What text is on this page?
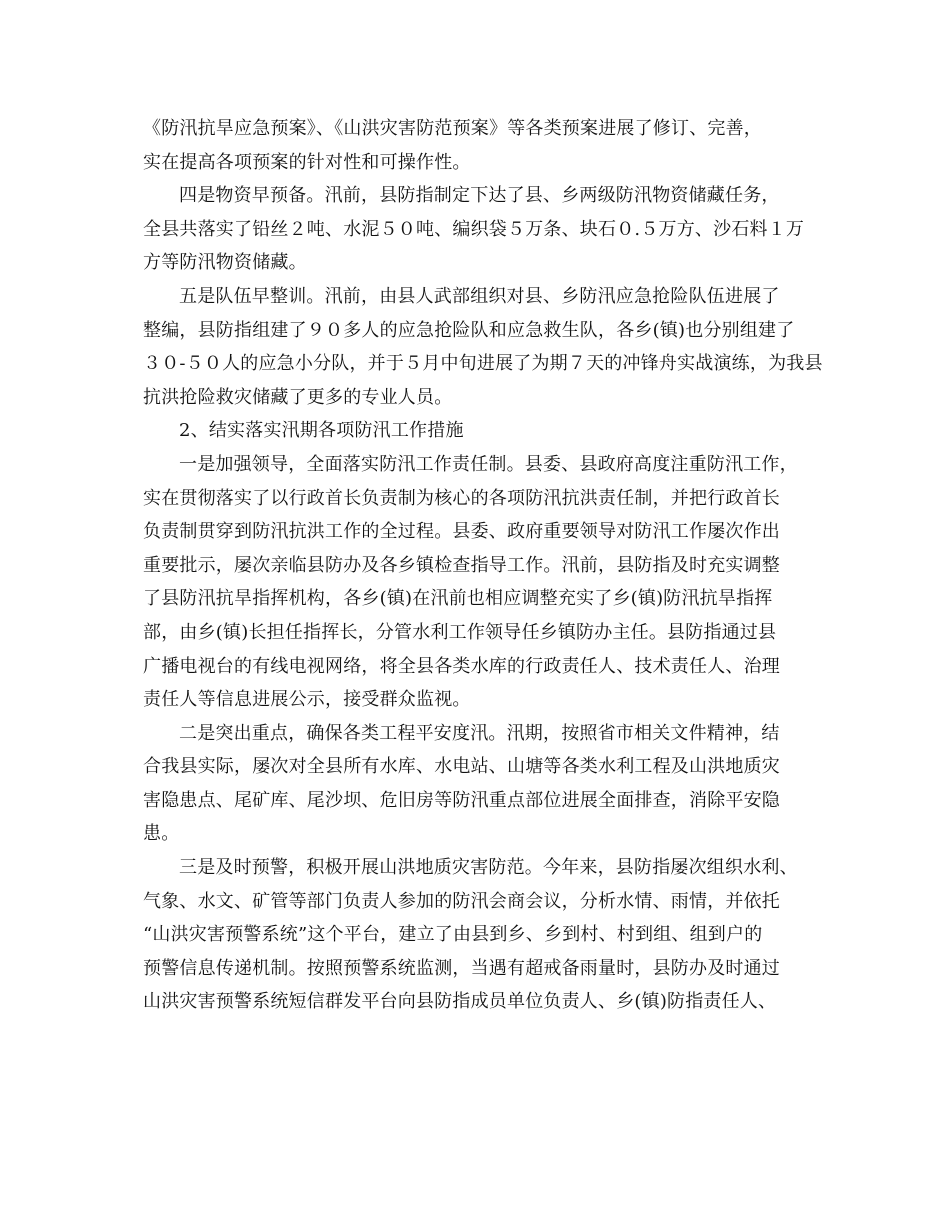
《防汛抗旱应急预案》、《山洪灾害防范预案》等各类预案进展了修订、完善，
实在提高各项预案的针对性和可操作性。
四是物资早预备。汛前，县防指制定下达了县、乡两级防汛物资储藏任务，
全县共落实了铅丝２吨、水泥５０吨、编织袋５万条、块石０.５万方、沙石料１万
方等防汛物资储藏。
五是队伍早整训。汛前，由县人武部组织对县、乡防汛应急抢险队伍进展了
整编，县防指组建了９０多人的应急抢险队和应急救生队，各乡(镇)也分别组建了
３０-５０人的应急小分队，并于５月中旬进展了为期７天的冲锋舟实战演练，为我县
抗洪抢险救灾储藏了更多的专业人员。
2、结实落实汛期各项防汛工作措施
一是加强领导，全面落实防汛工作责任制。县委、县政府高度注重防汛工作，
实在贯彻落实了以行政首长负责制为核心的各项防汛抗洪责任制，并把行政首长
负责制贯穿到防汛抗洪工作的全过程。县委、政府重要领导对防汛工作屡次作出
重要批示，屡次亲临县防办及各乡镇检查指导工作。汛前，县防指及时充实调整
了县防汛抗旱指挥机构，各乡(镇)在汛前也相应调整充实了乡(镇)防汛抗旱指挥
部，由乡(镇)长担任指挥长，分管水利工作领导任乡镇防办主任。县防指通过县
广播电视台的有线电视网络，将全县各类水库的行政责任人、技术责任人、治理
责任人等信息进展公示，接受群众监视。
二是突出重点，确保各类工程平安度汛。汛期，按照省市相关文件精神，结
合我县实际，屡次对全县所有水库、水电站、山塘等各类水利工程及山洪地质灾
害隐患点、尾矿库、尾沙坝、危旧房等防汛重点部位进展全面排查，消除平安隐
患。
三是及时预警，积极开展山洪地质灾害防范。今年来，县防指屡次组织水利、
气象、水文、矿管等部门负责人参加的防汛会商会议，分析水情、雨情，并依托
“山洪灾害预警系统”这个平台，建立了由县到乡、乡到村、村到组、组到户的
预警信息传递机制。按照预警系统监测，当遇有超戒备雨量时，县防办及时通过
山洪灾害预警系统短信群发平台向县防指成员单位负责人、乡(镇)防指责任人、
